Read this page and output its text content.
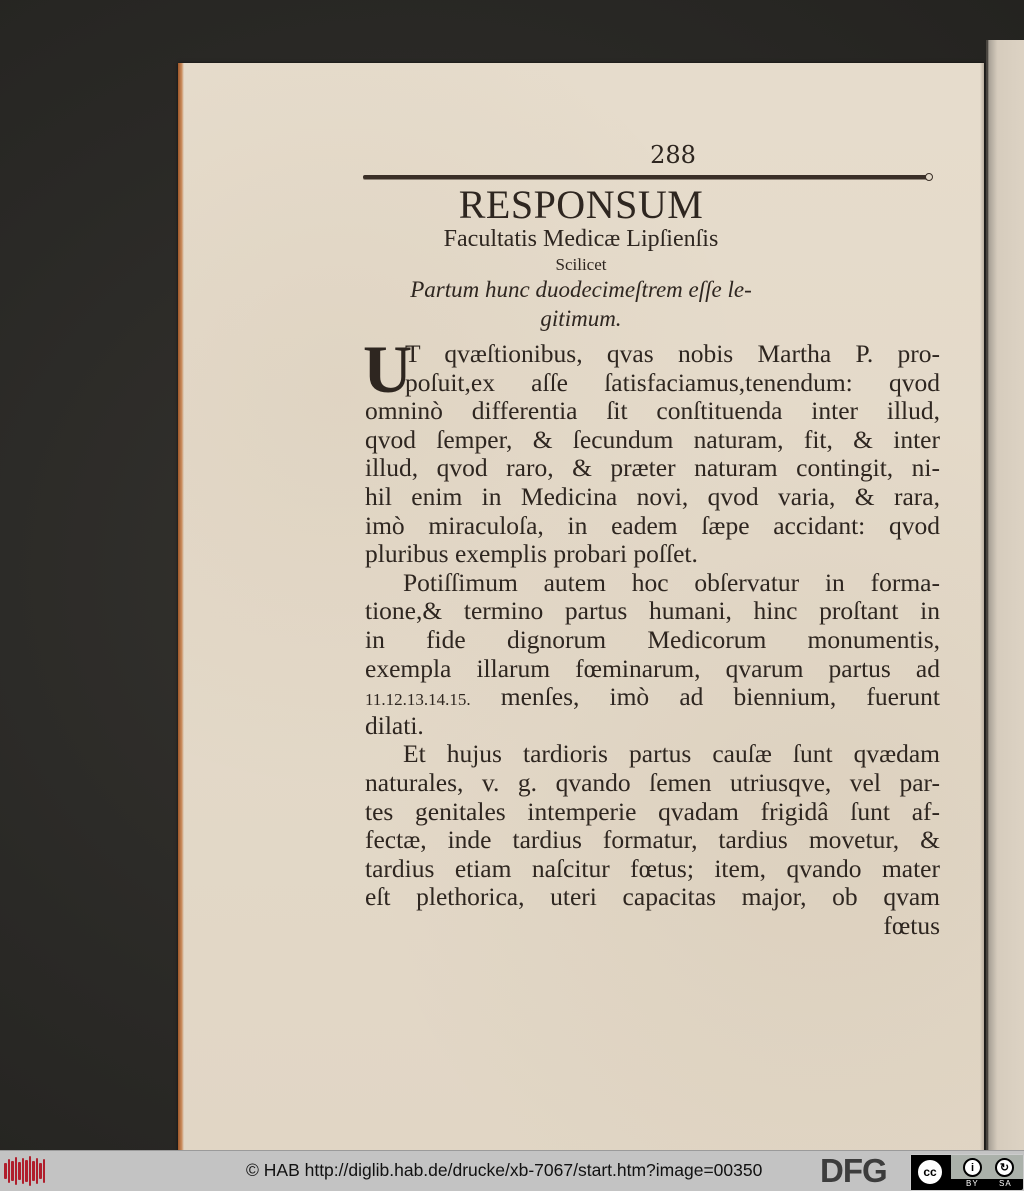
288
RESPONSUM
Facultatis Medicæ Lipſienſis
Scilicet
Partum hunc duodecimeſtrem eſſe le-
gitimum.
U
T qvæſtionibus, qvas nobis Martha P. pro-
poſuit,ex aſſe ſatisfaciamus,tenendum: qvod
omninò differentia ſit conſtituenda inter illud,
qvod ſemper, & ſecundum naturam, fit, & inter
illud, qvod raro, & præter naturam contingit, ni-
hil enim in Medicina novi, qvod varia, & rara,
imò miraculoſa, in eadem ſæpe accidant: qvod
pluribus exemplis probari poſſet.
Potiſſimum autem hoc obſervatur in forma-
tione,& termino partus humani, hinc proſtant in
in fide dignorum Medicorum monumentis,
exempla illarum fœminarum, qvarum partus ad
11.12.13.14.15. menſes, imò ad biennium, fuerunt
dilati.
Et hujus tardioris partus cauſæ ſunt qvædam
naturales, v. g. qvando ſemen utriusqve, vel par-
tes genitales intemperie qvadam frigidâ ſunt af-
fectæ, inde tardius formatur, tardius movetur, &
tardius etiam naſcitur fœtus; item, qvando mater
eſt plethorica, uteri capacitas major, ob qvam
fœtus
© HAB http://diglib.hab.de/drucke/xb-7067/start.htm?image=00350 DFG	cc	i	↻
BY	SA
